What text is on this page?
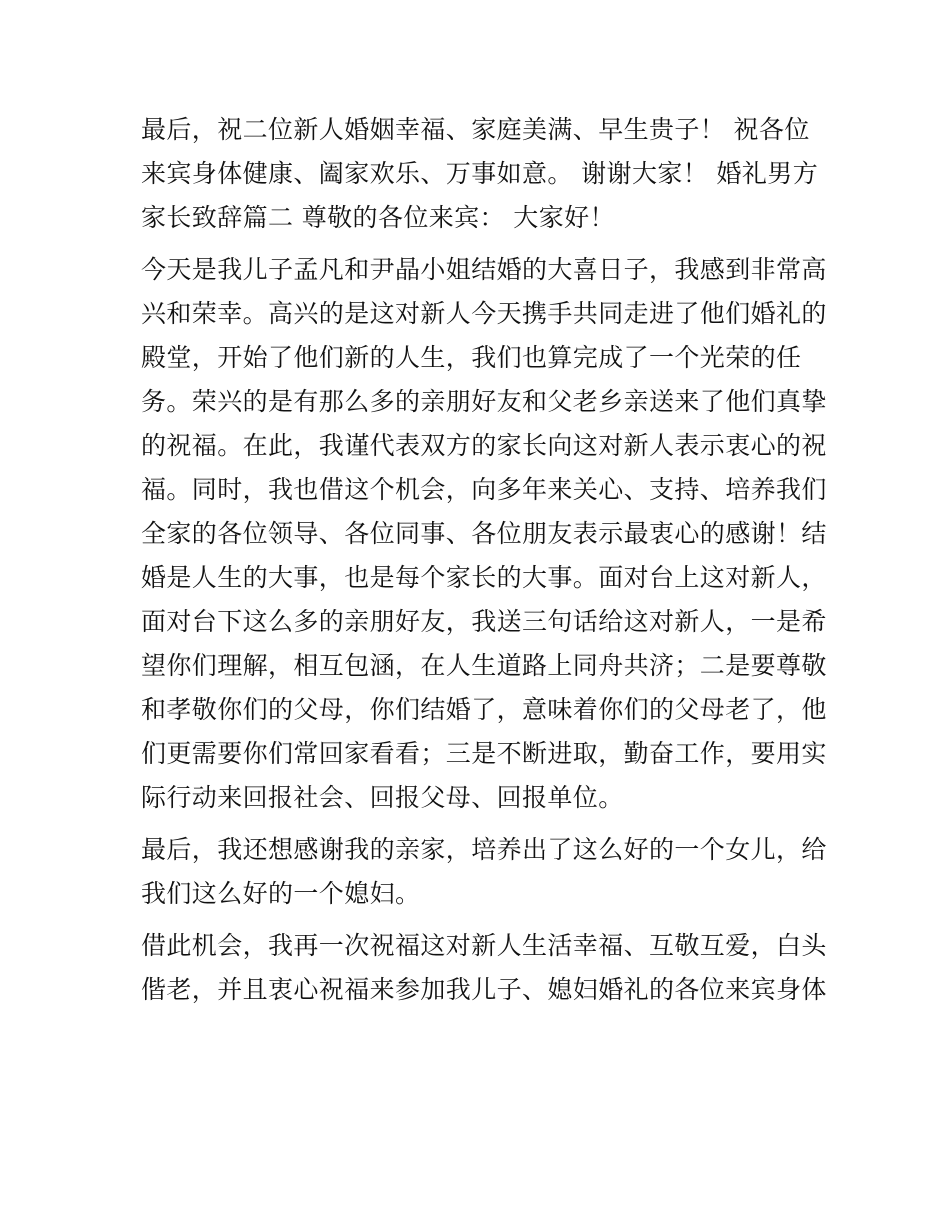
最后，祝二位新人婚姻幸福、家庭美满、早生贵子！ 祝各位
来宾身体健康、阖家欢乐、万事如意。 谢谢大家！ 婚礼男方
家长致辞篇二 尊敬的各位来宾： 大家好！
今天是我儿子孟凡和尹晶小姐结婚的大喜日子，我感到非常高
兴和荣幸。高兴的是这对新人今天携手共同走进了他们婚礼的
殿堂，开始了他们新的人生，我们也算完成了一个光荣的任
务。荣兴的是有那么多的亲朋好友和父老乡亲送来了他们真挚
的祝福。在此，我谨代表双方的家长向这对新人表示衷心的祝
福。同时，我也借这个机会，向多年来关心、支持、培养我们
全家的各位领导、各位同事、各位朋友表示最衷心的感谢！结
婚是人生的大事，也是每个家长的大事。面对台上这对新人，
面对台下这么多的亲朋好友，我送三句话给这对新人，一是希
望你们理解，相互包涵，在人生道路上同舟共济；二是要尊敬
和孝敬你们的父母，你们结婚了，意味着你们的父母老了，他
们更需要你们常回家看看；三是不断进取，勤奋工作，要用实
际行动来回报社会、回报父母、回报单位。
最后，我还想感谢我的亲家，培养出了这么好的一个女儿，给
我们这么好的一个媳妇。
借此机会，我再一次祝福这对新人生活幸福、互敬互爱，白头
偕老，并且衷心祝福来参加我儿子、媳妇婚礼的各位来宾身体
